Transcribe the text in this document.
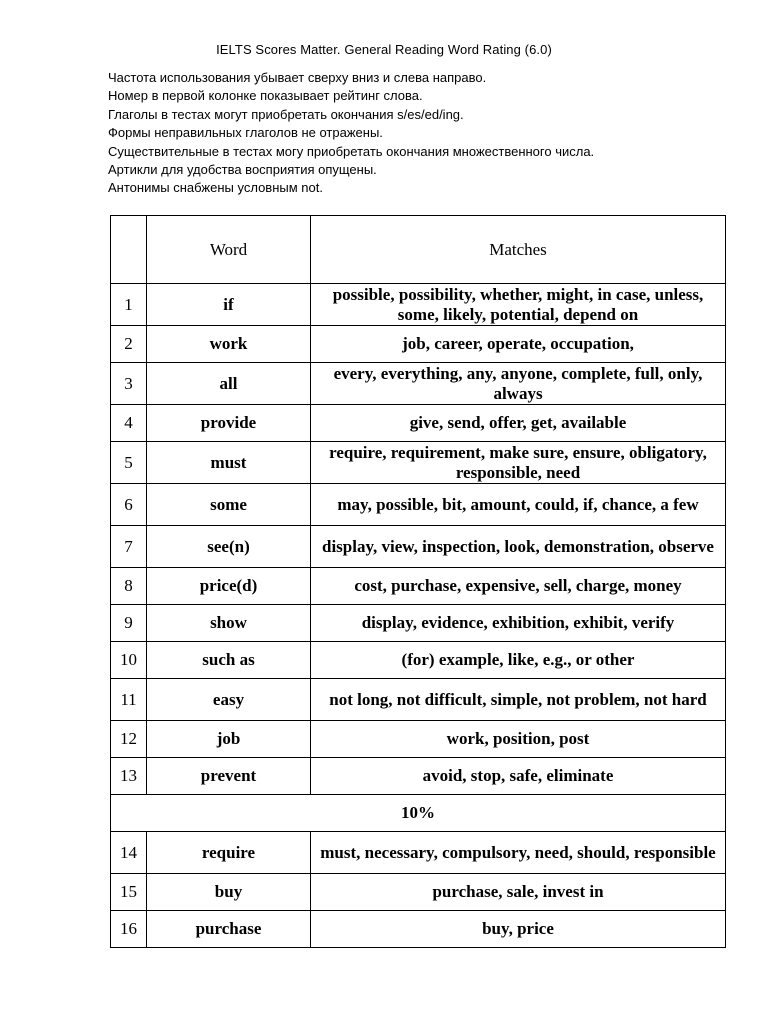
IELTS Scores Matter. General Reading Word Rating (6.0)
Частота использования убывает сверху вниз и слева направо.
Номер в первой колонке показывает рейтинг слова.
Глаголы в тестах могут приобретать окончания s/es/ed/ing.
Формы неправильных глаголов не отражены.
Существительные в тестах могу приобретать окончания множественного числа.
Артикли для удобства восприятия опущены.
Антонимы снабжены условным not.
	Word	Matches
1	if	possible, possibility, whether, might, in case, unless, some, likely, potential, depend on
2	work	job, career, operate, occupation,
3	all	every, everything, any, anyone, complete, full, only, always
4	provide	give, send, offer, get, available
5	must	require, requirement, make sure, ensure, obligatory, responsible, need
6	some	may, possible, bit, amount, could, if, chance, a few
7	see(n)	display, view, inspection, look, demonstration, observe
8	price(d)	cost, purchase, expensive, sell, charge, money
9	show	display, evidence, exhibition, exhibit, verify
10	such as	(for) example, like, e.g., or other
11	easy	not long, not difficult, simple, not problem, not hard
12	job	work, position, post
13	prevent	avoid, stop, safe, eliminate
10%		
14	require	must, necessary, compulsory, need, should, responsible
15	buy	purchase, sale, invest in
16	purchase	buy, price
